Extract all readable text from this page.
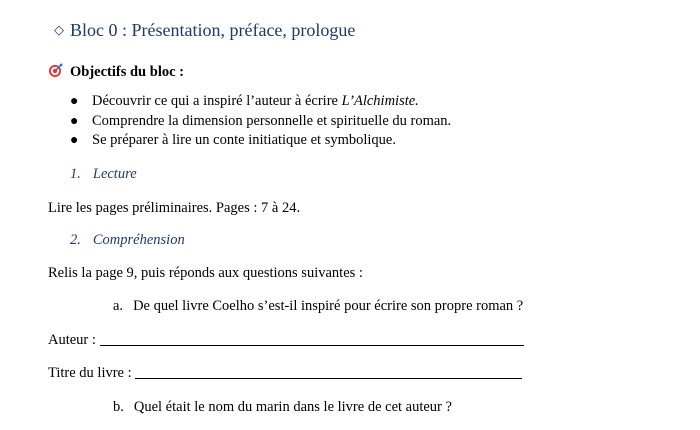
◇ Bloc 0 : Présentation, préface, prologue
Objectifs du bloc :
● Découvrir ce qui a inspiré l’auteur à écrire L’Alchimiste.
● Comprendre la dimension personnelle et spirituelle du roman.
● Se préparer à lire un conte initiatique et symbolique.
1. Lecture
Lire les pages préliminaires. Pages : 7 à 24.
2. Compréhension
Relis la page 9, puis réponds aux questions suivantes :
a. De quel livre Coelho s’est-il inspiré pour écrire son propre roman ?
Auteur :
Titre du livre :
b. Quel était le nom du marin dans le livre de cet auteur ?
